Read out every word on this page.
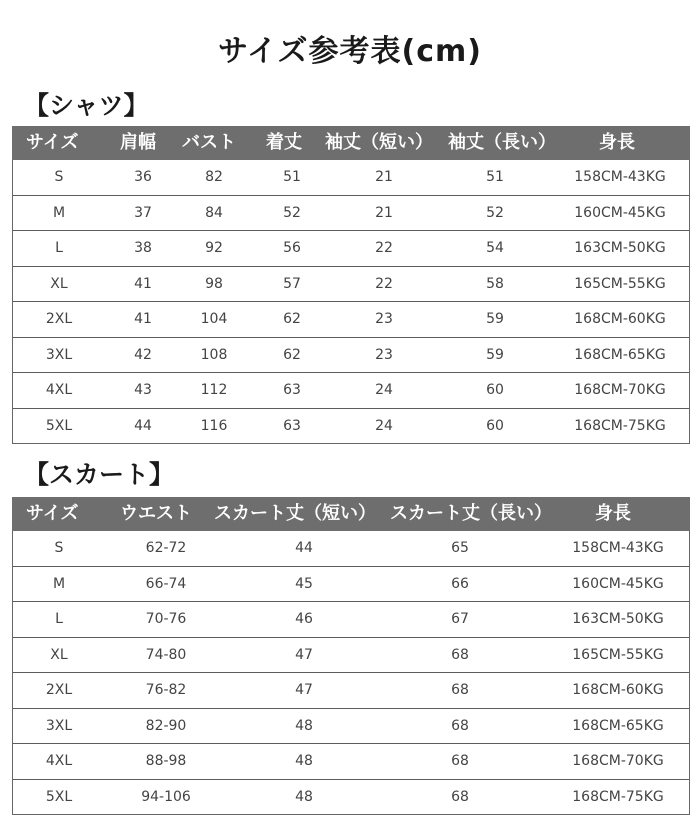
サイズ参考表(cm)
【シャツ】
サイズ 肩幅 バスト 着丈 袖丈（短い） 袖丈（長い） 身長
S	36	82	51	21	51	158CM-43KG
M	37	84	52	21	52	160CM-45KG
L	38	92	56	22	54	163CM-50KG
XL	41	98	57	22	58	165CM-55KG
2XL	41	104	62	23	59	168CM-60KG
3XL	42	108	62	23	59	168CM-65KG
4XL	43	112	63	24	60	168CM-70KG
5XL	44	116	63	24	60	168CM-75KG
【スカート】
サイズ ウエスト スカート丈（短い） スカート丈（長い） 身長
S	62-72	44	65	158CM-43KG
M	66-74	45	66	160CM-45KG
L	70-76	46	67	163CM-50KG
XL	74-80	47	68	165CM-55KG
2XL	76-82	47	68	168CM-60KG
3XL	82-90	48	68	168CM-65KG
4XL	88-98	48	68	168CM-70KG
5XL	94-106	48	68	168CM-75KG
